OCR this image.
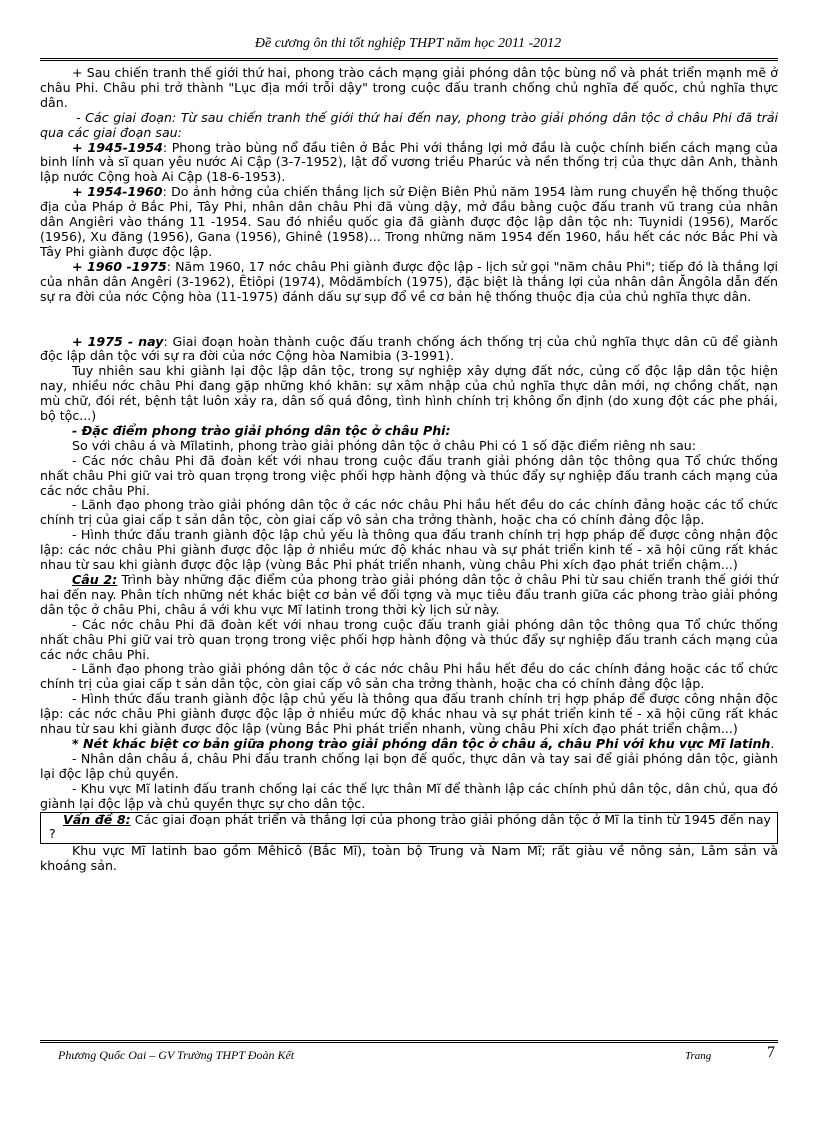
Đề cương ôn thi tốt nghiệp THPT năm học 2011 -2012

+ Sau chiến tranh thế giới thứ hai, phong trào cách mạng giải phóng dân tộc bùng nổ và phát triển mạnh mẽ ở châu Phi. Châu phi trở thành "Lục địa mới trỗi dậy" trong cuộc đấu tranh chống chủ nghĩa đế quốc, chủ nghĩa thực dân.

- Các giai đoạn: Từ sau chiến tranh thế giới thứ hai đến nay, phong trào giải phóng dân tộc ở châu Phi đã trải qua các giai đoạn sau:

+ 1945-1954: Phong trào bùng nổ đầu tiên ở Bắc Phi với thắng lợi mở đầu là cuộc chính biến cách mạng của binh lính và sĩ quan yêu nước Ai Cập (3-7-1952), lật đổ vương triều Pharúc và nền thống trị của thực dân Anh, thành lập nước Cộng hoà Ai Cập (18-6-1953).

+ 1954-1960: Do ảnh hởng của chiến thắng lịch sử Điện Biên Phủ năm 1954 làm rung chuyển hệ thống thuộc địa của Pháp ở Bắc Phi, Tây Phi, nhân dân châu Phi đã vùng dậy, mở đầu bằng cuộc đấu tranh vũ trang của nhân dân Angiêri vào tháng 11 -1954. Sau đó nhiều quốc gia đã giành được độc lập dân tộc nh: Tuynidi (1956), Marốc (1956), Xu đăng (1956), Gana (1956), Ghinê (1958)... Trong những năm 1954 đến 1960, hầu hết các nớc Bắc Phi và Tây Phi giành được độc lập.

+ 1960 -1975: Năm 1960, 17 nớc châu Phi giành được độc lập - lịch sử gọi "năm châu Phi"; tiếp đó là thắng lợi của nhân dân Angêri (3-1962), Êtiôpi (1974), Môdămbích (1975), đặc biệt là thắng lợi của nhân dân Ăngôla dẫn đến sự ra đời của nớc Cộng hòa (11-1975) đánh dấu sự sụp đổ về cơ bản hệ thống thuộc địa của chủ nghĩa thực dân.

+ 1975 - nay: Giai đoạn hoàn thành cuộc đấu tranh chống ách thống trị của chủ nghĩa thực dân cũ để giành độc lập dân tộc với sự ra đời của nớc Cộng hòa Namibia (3-1991).

Tuy nhiên sau khi giành lại độc lập dân tộc, trong sự nghiệp xây dựng đất nớc, củng cố độc lập dân tộc hiện nay, nhiều nớc châu Phi đang gặp những khó khăn: sự xâm nhập của chủ nghĩa thực dân mới, nợ chồng chất, nạn mù chữ, đói rét, bệnh tật luôn xảy ra, dân số quá đông, tình hình chính trị không ổn định (do xung đột các phe phái, bộ tộc...)

- Đặc điểm phong trào giải phóng dân tộc ở châu Phi:

So với châu á và Mĩlatinh, phong trào giải phóng dân tộc ở châu Phi có 1 số đặc điểm riêng nh sau:

- Các nớc châu Phi đã đoàn kết với nhau trong cuộc đấu tranh giải phóng dân tộc thông qua Tổ chức thống nhất châu Phi giữ vai trò quan trọng trong việc phối hợp hành động và thúc đẩy sự nghiệp đấu tranh cách mạng của các nớc châu Phi.

- Lãnh đạo phong trào giải phóng dân tộc ở các nớc châu Phi hầu hết đều do các chính đảng hoặc các tổ chức chính trị của giai cấp t sản dân tộc, còn giai cấp vô sản cha trởng thành, hoặc cha có chính đảng độc lập.

- Hình thức đấu tranh giành độc lập chủ yếu là thông qua đấu tranh chính trị hợp pháp để được công nhận độc lập: các nớc châu Phi giành được độc lập ở nhiều mức độ khác nhau và sự phát triển kinh tế - xã hội cũng rất khác nhau từ sau khi giành được độc lập (vùng Bắc Phi phát triển nhanh, vùng châu Phi xích đạo phát triển chậm...)

Câu 2: Trình bày những đặc điểm của phong trào giải phóng dân tộc ở châu Phi từ sau chiến tranh thế giới thứ hai đến nay. Phân tích những nét khác biệt cơ bản về đối tợng và mục tiêu đấu tranh giữa các phong trào giải phóng dân tộc ở châu Phi, châu á với khu vực Mĩ latinh trong thời kỳ lịch sử này.

- Các nớc châu Phi đã đoàn kết với nhau trong cuộc đấu tranh giải phóng dân tộc thông qua Tổ chức thống nhất châu Phi giữ vai trò quan trọng trong việc phối hợp hành động và thúc đẩy sự nghiệp đấu tranh cách mạng của các nớc châu Phi.

- Lãnh đạo phong trào giải phóng dân tộc ở các nớc châu Phi hầu hết đều do các chính đảng hoặc các tổ chức chính trị của giai cấp t sản dân tộc, còn giai cấp vô sản cha trởng thành, hoặc cha có chính đảng độc lập.

- Hình thức đấu tranh giành độc lập chủ yếu là thông qua đấu tranh chính trị hợp pháp để được công nhận độc lập: các nớc châu Phi giành được độc lập ở nhiều mức độ khác nhau và sự phát triển kinh tế - xã hội cũng rất khác nhau từ sau khi giành được độc lập (vùng Bắc Phi phát triển nhanh, vùng châu Phi xích đạo phát triển chậm...)

* Nét khác biệt cơ bản giữa phong trào giải phóng dân tộc ở châu á, châu Phi với khu vực Mĩ latinh.

- Nhân dân châu á, châu Phi đấu tranh chống lại bọn đế quốc, thực dân và tay sai để giải phóng dân tộc, giành lại độc lập chủ quyền.

- Khu vực Mĩ latinh đấu tranh chống lại các thế lực thân Mĩ để thành lập các chính phủ dân tộc, dân chủ, qua đó giành lại độc lập và chủ quyền thực sự cho dân tộc.

Vấn đề 8: Các giai đoạn phát triển và thắng lợi của phong trào giải phóng dân tộc ở Mĩ la tinh từ 1945 đến nay ?

Khu vực Mĩ latinh bao gồm Mêhicô (Bắc Mĩ), toàn bộ Trung và Nam Mĩ; rất giàu về nông sản, Lâm sản và khoáng sản.

Phương Quốc Oai – GV Trường THPT Đoàn Kết	Trang	7
